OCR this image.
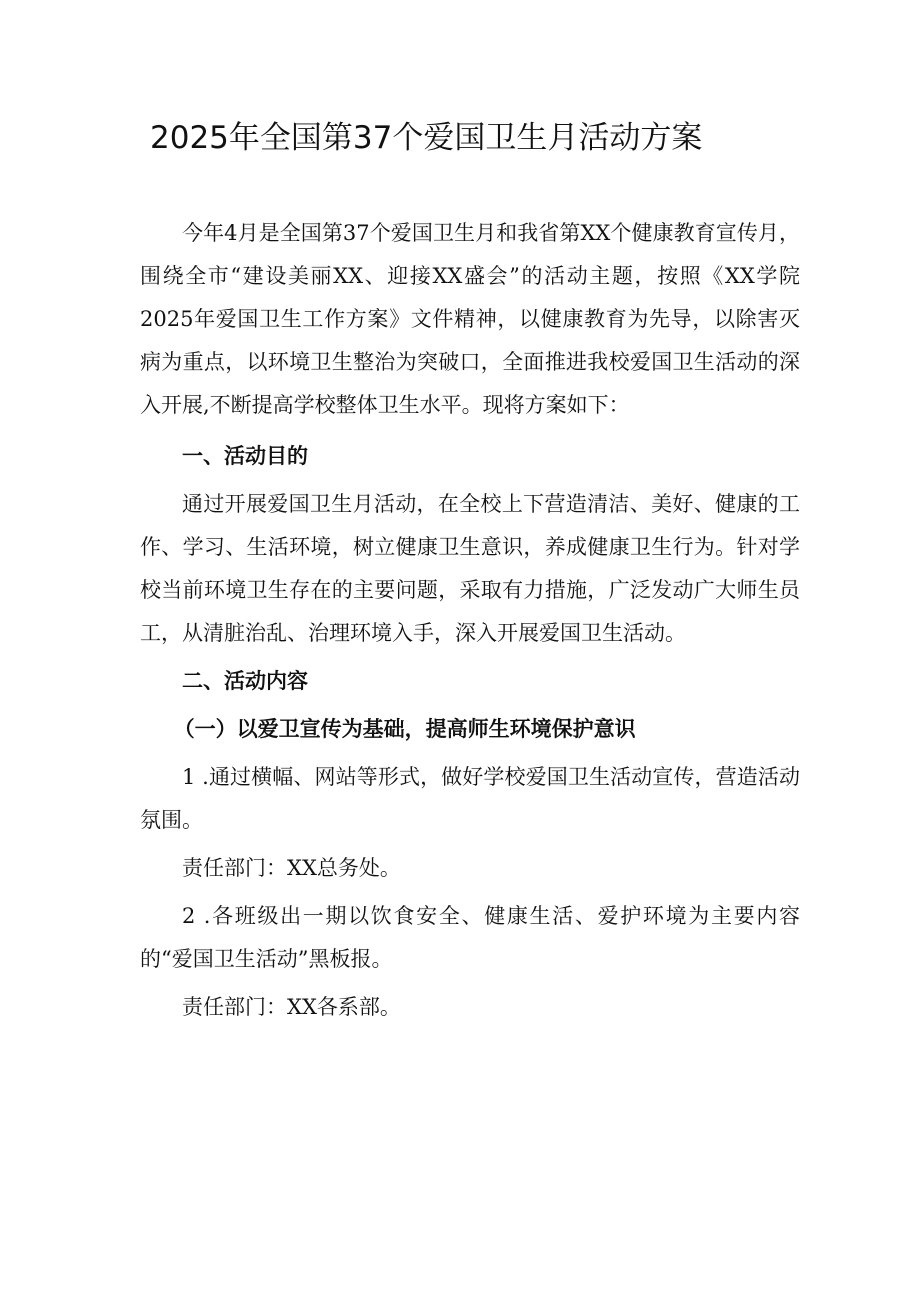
2025年全国第37个爱国卫生月活动方案

今年4月是全国第37个爱国卫生月和我省第XX个健康教育宣传月，围绕全市“建设美丽XX、迎接XX盛会”的活动主题，按照《XX学院2025年爱国卫生工作方案》文件精神，以健康教育为先导，以除害灭病为重点，以环境卫生整治为突破口，全面推进我校爱国卫生活动的深入开展,不断提高学校整体卫生水平。现将方案如下：

一、活动目的

通过开展爱国卫生月活动，在全校上下营造清洁、美好、健康的工作、学习、生活环境，树立健康卫生意识，养成健康卫生行为。针对学校当前环境卫生存在的主要问题，采取有力措施，广泛发动广大师生员工，从清脏治乱、治理环境入手，深入开展爱国卫生活动。

二、活动内容

（一）以爱卫宣传为基础，提高师生环境保护意识

1 .通过横幅、网站等形式，做好学校爱国卫生活动宣传，营造活动氛围。

责任部门：XX总务处。

2 .各班级出一期以饮食安全、健康生活、爱护环境为主要内容的“爱国卫生活动”黑板报。

责任部门：XX各系部。
